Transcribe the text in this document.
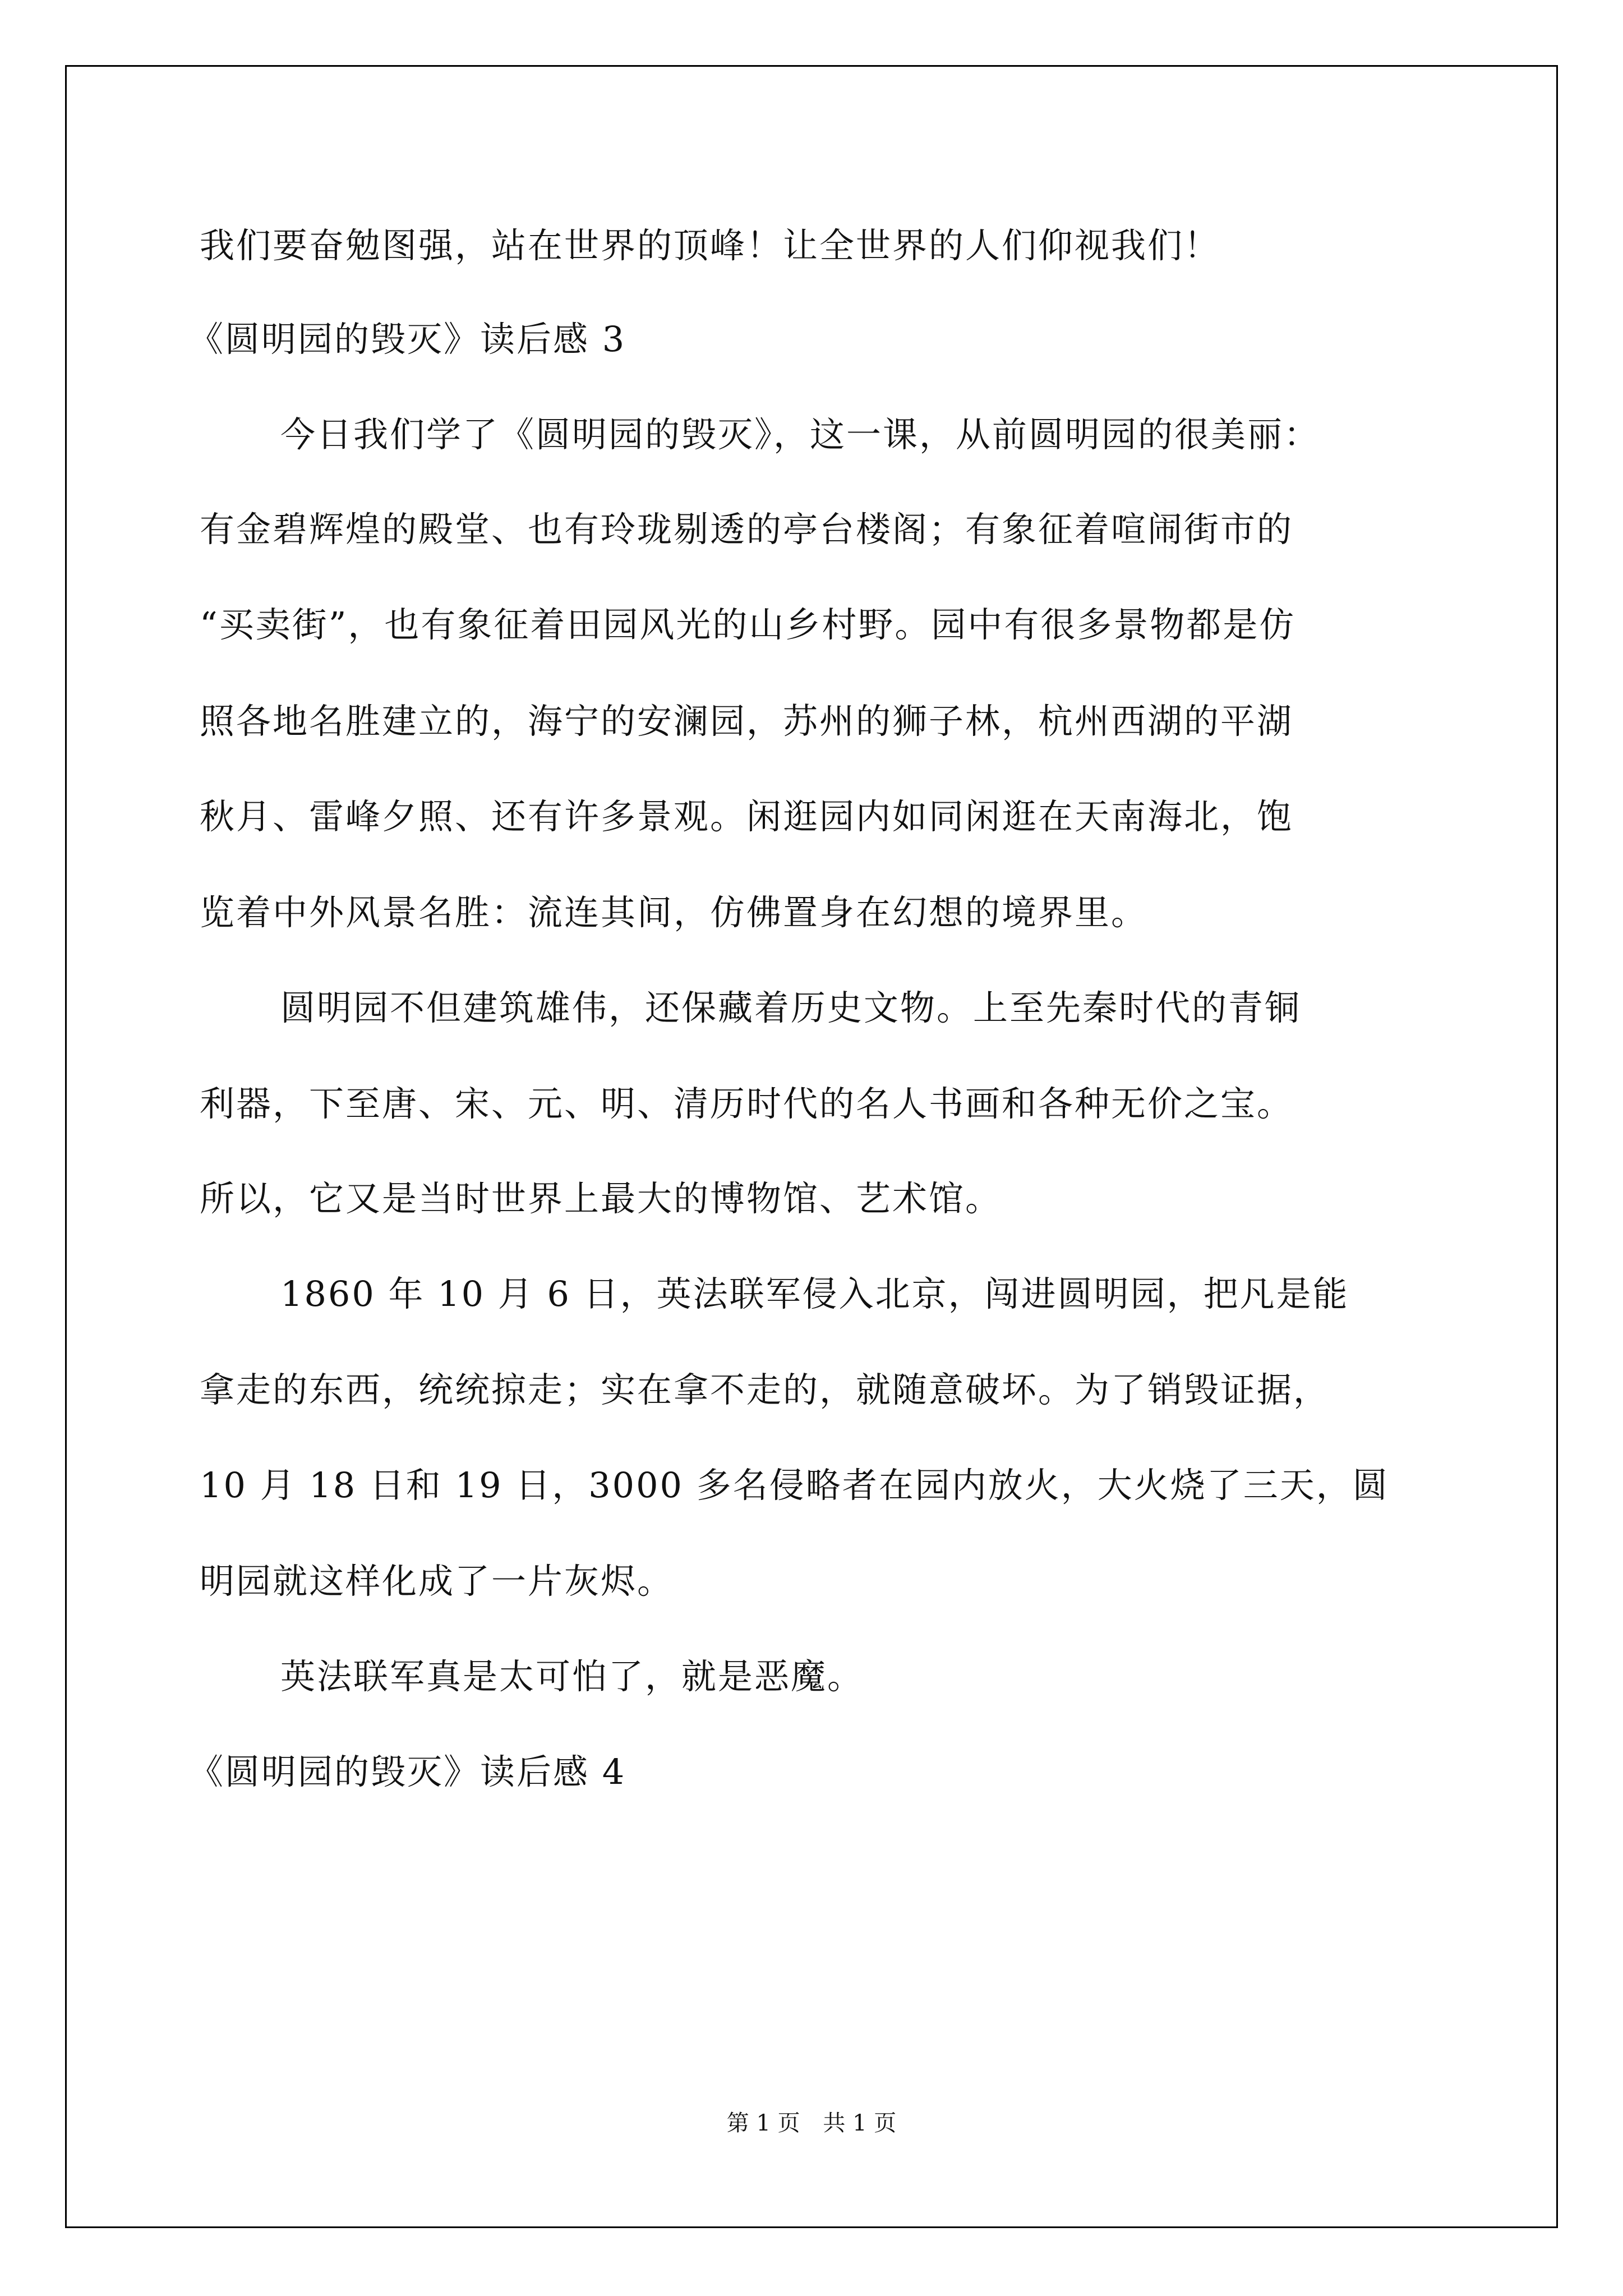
我们要奋勉图强，站在世界的顶峰！让全世界的人们仰视我们！
《圆明园的毁灭》读后感 3
今日我们学了《圆明园的毁灭》，这一课，从前圆明园的很美丽：
有金碧辉煌的殿堂、也有玲珑剔透的亭台楼阁；有象征着喧闹街市的
“买卖街”，也有象征着田园风光的山乡村野。园中有很多景物都是仿
照各地名胜建立的，海宁的安澜园，苏州的狮子林，杭州西湖的平湖
秋月、雷峰夕照、还有许多景观。闲逛园内如同闲逛在天南海北，饱
览着中外风景名胜：流连其间，仿佛置身在幻想的境界里。
圆明园不但建筑雄伟，还保藏着历史文物。上至先秦时代的青铜
利器，下至唐、宋、元、明、清历时代的名人书画和各种无价之宝。
所以，它又是当时世界上最大的博物馆、艺术馆。
1860 年 10 月 6 日，英法联军侵入北京，闯进圆明园，把凡是能
拿走的东西，统统掠走；实在拿不走的，就随意破坏。为了销毁证据，
10 月 18 日和 19 日，3000 多名侵略者在园内放火，大火烧了三天，圆
明园就这样化成了一片灰烬。
英法联军真是太可怕了，就是恶魔。
《圆明园的毁灭》读后感 4
第 1 页 共 1 页
